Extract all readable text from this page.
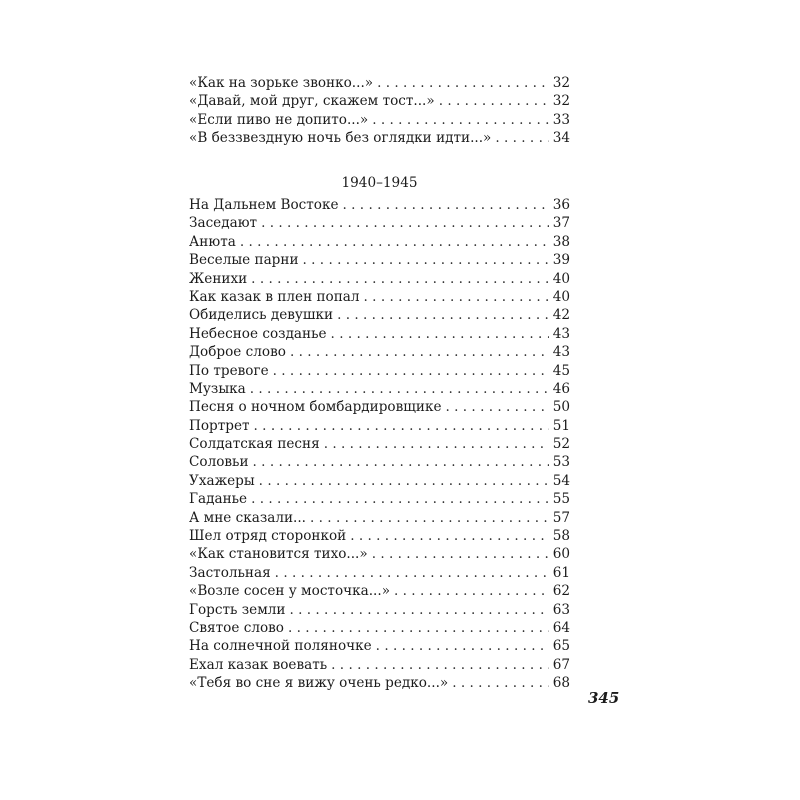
«Как на зорьке звонко...» . . .	32
«Давай, мой друг, скажем тост...» . . .	32
«Если пиво не допито...» . . .	33
«В беззвездную ночь без оглядки идти...» . . .	34
1940–1945
На Дальнем Востоке . . .	36
Заседают . . .	37
Анюта . . .	38
Веселые парни . . .	39
Женихи . . .	40
Как казак в плен попал . . .	40
Обиделись девушки . . .	42
Небесное созданье . . .	43
Доброе слово . . .	43
По тревоге . . .	45
Музыка . . .	46
Песня о ночном бомбардировщике . . .	50
Портрет . . .	51
Солдатская песня . . .	52
Соловьи . . .	53
Ухажеры . . .	54
Гаданье . . .	55
А мне сказали... . . .	57
Шел отряд сторонкой . . .	58
«Как становится тихо...» . . .	60
Застольная . . .	61
«Возле сосен у мосточка...» . . .	62
Горсть земли . . .	63
Святое слово . . .	64
На солнечной поляночке . . .	65
Ехал казак воевать . . .	67
«Тебя во сне я вижу очень редко...» . . .	68
345
